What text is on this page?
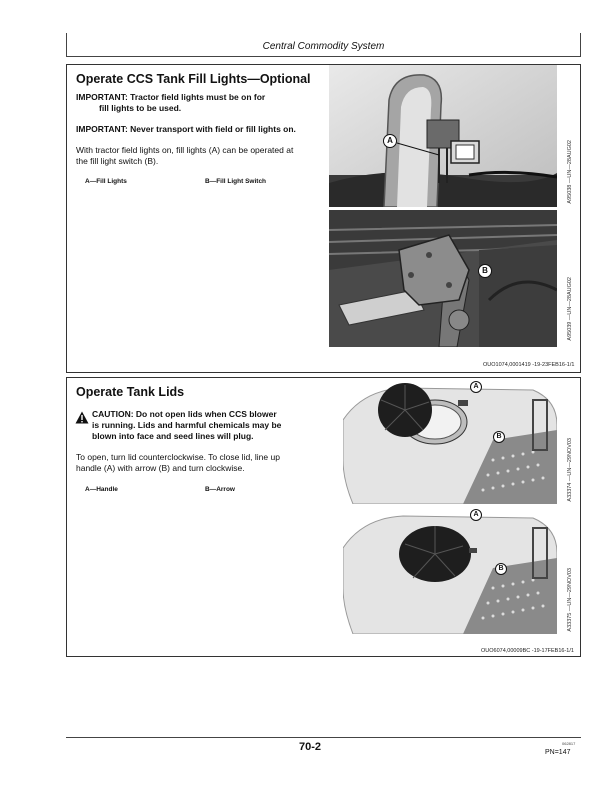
Central Commodity System
Operate CCS Tank Fill Lights—Optional
IMPORTANT: Tractor field lights must be on for
fill lights to be used.
IMPORTANT: Never transport with field or fill lights on.
With tractor field lights on, fill lights (A) can be operated at
the fill light switch (B).
A—Fill Lights	B—Fill Light Switch
A	A95038 —UN—28AUG02
B
A95039 —UN—28AUG02
OUO1074,0001419 -19-23FEB16-1/1
Operate Tank Lids
CAUTION: Do not open lids when CCS blower
is running. Lids and harmful chemicals may be
blown into face and seed lines will plug.
To open, turn lid counterclockwise. To close lid, line up
handle (A) with arrow (B) and turn clockwise.
A—Handle	B—Arrow
A
B
A33374 —UN—29NOV03
A
B	A33375 —UN—29NOV03
OUO6074,00009BC -19-17FEB16-1/1
70-2	062817
PN=147
